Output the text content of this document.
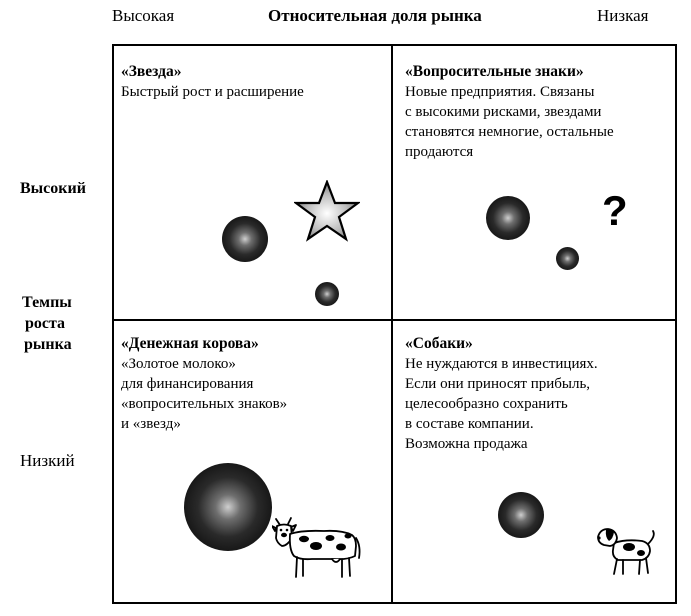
Высокая	Относительная доля рынка	Низкая
Высокий
Темпы
роста
рынка
Низкий
«Звезда»
Быстрый рост и расширение
«Вопросительные знаки»
Новые предприятия. Связаны
с высокими рисками, звездами
становятся немногие, остальные
продаются
«Денежная корова»
«Золотое молоко»
для финансирования
«вопросительных знаков»
и «звезд»
«Собаки»
Не нуждаются в инвестициях.
Если они приносят прибыль,
целесообразно сохранить
в составе компании.
Возможна продажа
?
